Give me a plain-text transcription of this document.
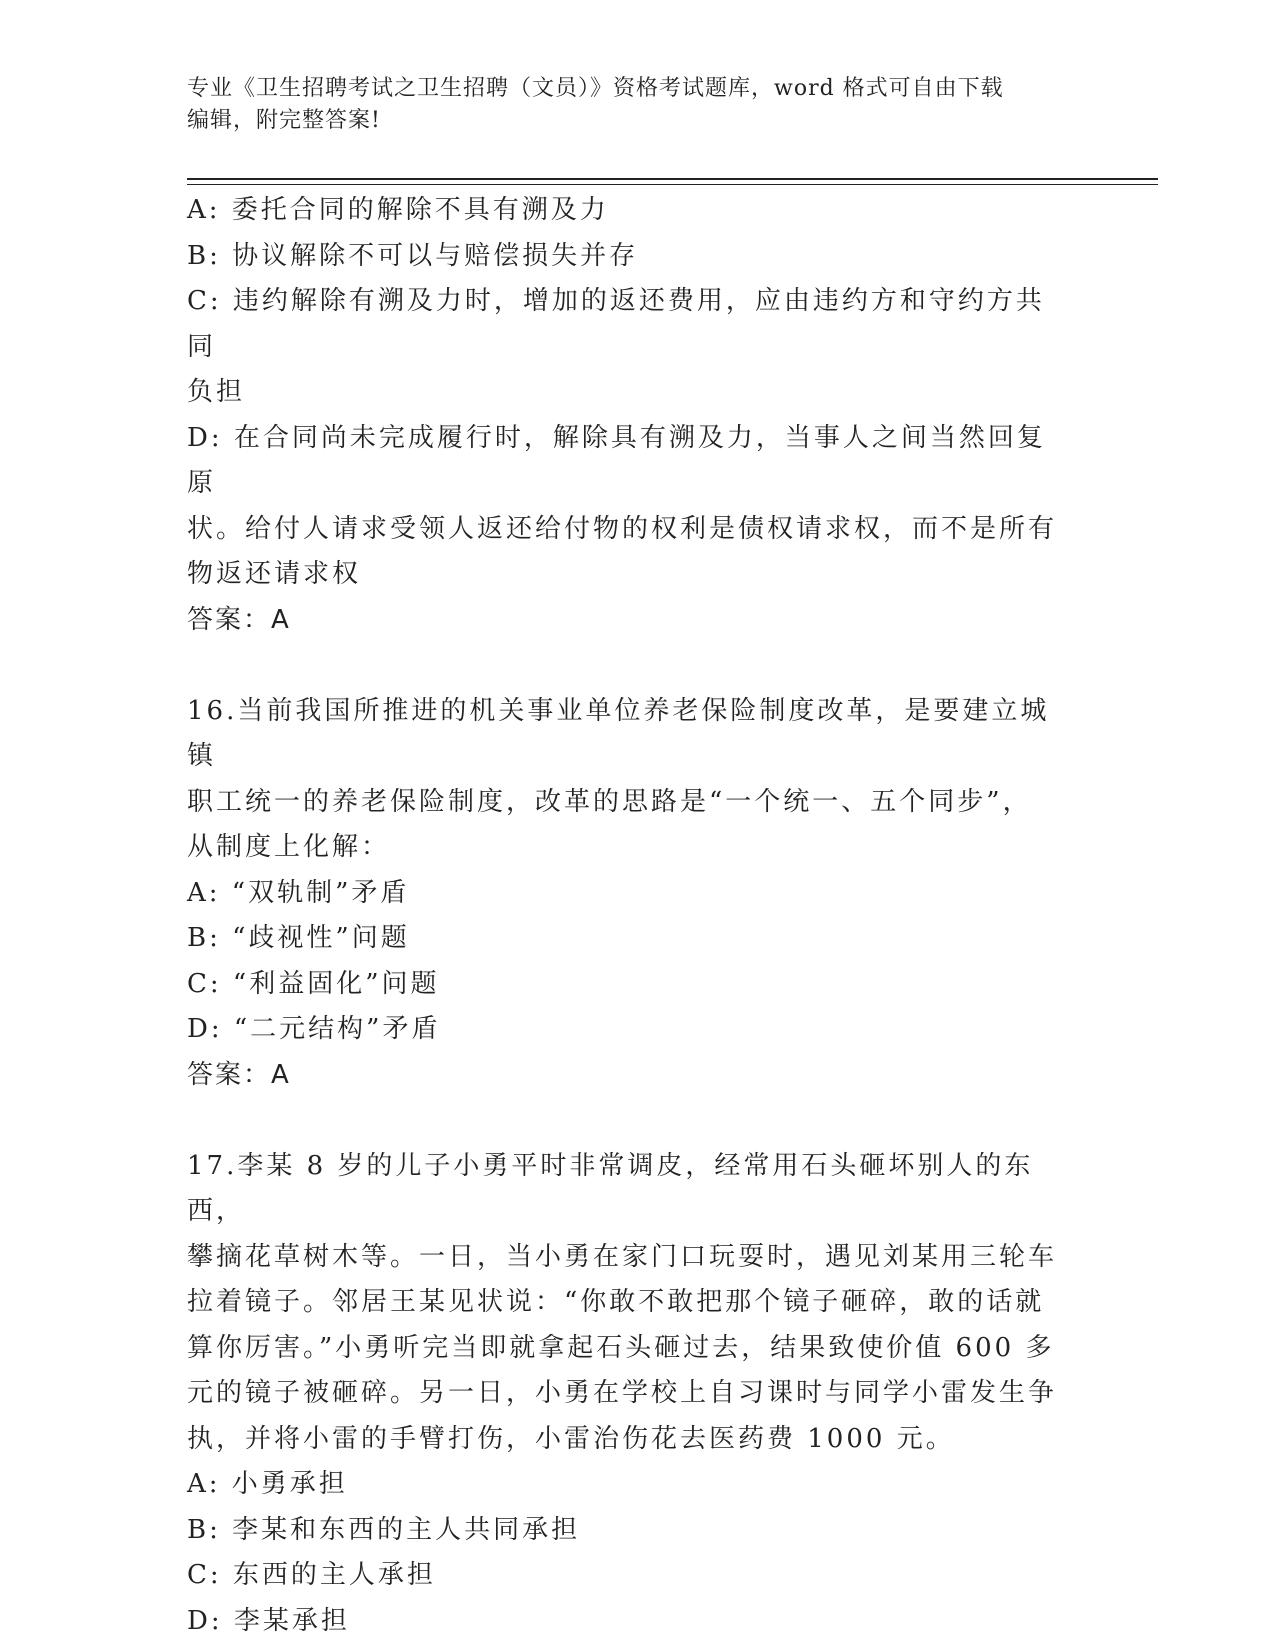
专业《卫生招聘考试之卫生招聘（文员）》资格考试题库，word 格式可自由下载
编辑，附完整答案!
A: 委托合同的解除不具有溯及力
B: 协议解除不可以与赔偿损失并存
C: 违约解除有溯及力时，增加的返还费用，应由违约方和守约方共同
负担
D: 在合同尚未完成履行时，解除具有溯及力，当事人之间当然回复原
状。给付人请求受领人返还给付物的权利是债权请求权，而不是所有
物返还请求权
答案：A
16.当前我国所推进的机关事业单位养老保险制度改革，是要建立城镇
职工统一的养老保险制度，改革的思路是“一个统一、五个同步”，
从制度上化解：
A: “双轨制”矛盾
B: “歧视性”问题
C: “利益固化”问题
D: “二元结构”矛盾
答案：A
17.李某 8 岁的儿子小勇平时非常调皮，经常用石头砸坏别人的东西，
攀摘花草树木等。一日，当小勇在家门口玩耍时，遇见刘某用三轮车
拉着镜子。邻居王某见状说：“你敢不敢把那个镜子砸碎，敢的话就
算你厉害。”小勇听完当即就拿起石头砸过去，结果致使价值 600 多
元的镜子被砸碎。另一日，小勇在学校上自习课时与同学小雷发生争
执，并将小雷的手臂打伤，小雷治伤花去医药费 1000 元。
A: 小勇承担
B: 李某和东西的主人共同承担
C: 东西的主人承担
D: 李某承担
